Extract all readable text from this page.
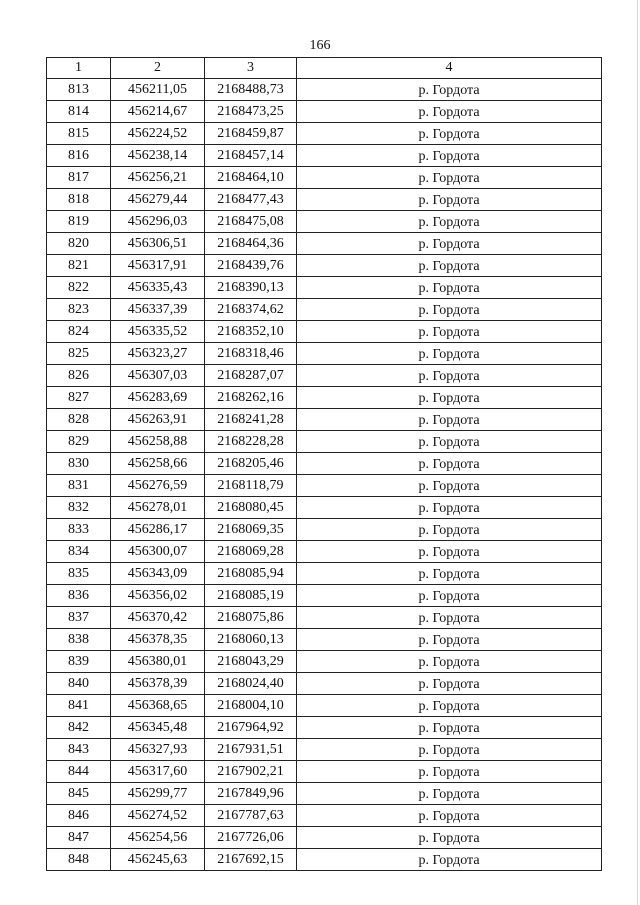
166
1	2	3	4
813	456211,05	2168488,73	р. Гордота
814	456214,67	2168473,25	р. Гордота
815	456224,52	2168459,87	р. Гордота
816	456238,14	2168457,14	р. Гордота
817	456256,21	2168464,10	р. Гордота
818	456279,44	2168477,43	р. Гордота
819	456296,03	2168475,08	р. Гордота
820	456306,51	2168464,36	р. Гордота
821	456317,91	2168439,76	р. Гордота
822	456335,43	2168390,13	р. Гордота
823	456337,39	2168374,62	р. Гордота
824	456335,52	2168352,10	р. Гордота
825	456323,27	2168318,46	р. Гордота
826	456307,03	2168287,07	р. Гордота
827	456283,69	2168262,16	р. Гордота
828	456263,91	2168241,28	р. Гордота
829	456258,88	2168228,28	р. Гордота
830	456258,66	2168205,46	р. Гордота
831	456276,59	2168118,79	р. Гордота
832	456278,01	2168080,45	р. Гордота
833	456286,17	2168069,35	р. Гордота
834	456300,07	2168069,28	р. Гордота
835	456343,09	2168085,94	р. Гордота
836	456356,02	2168085,19	р. Гордота
837	456370,42	2168075,86	р. Гордота
838	456378,35	2168060,13	р. Гордота
839	456380,01	2168043,29	р. Гордота
840	456378,39	2168024,40	р. Гордота
841	456368,65	2168004,10	р. Гордота
842	456345,48	2167964,92	р. Гордота
843	456327,93	2167931,51	р. Гордота
844	456317,60	2167902,21	р. Гордота
845	456299,77	2167849,96	р. Гордота
846	456274,52	2167787,63	р. Гордота
847	456254,56	2167726,06	р. Гордота
848	456245,63	2167692,15	р. Гордота
